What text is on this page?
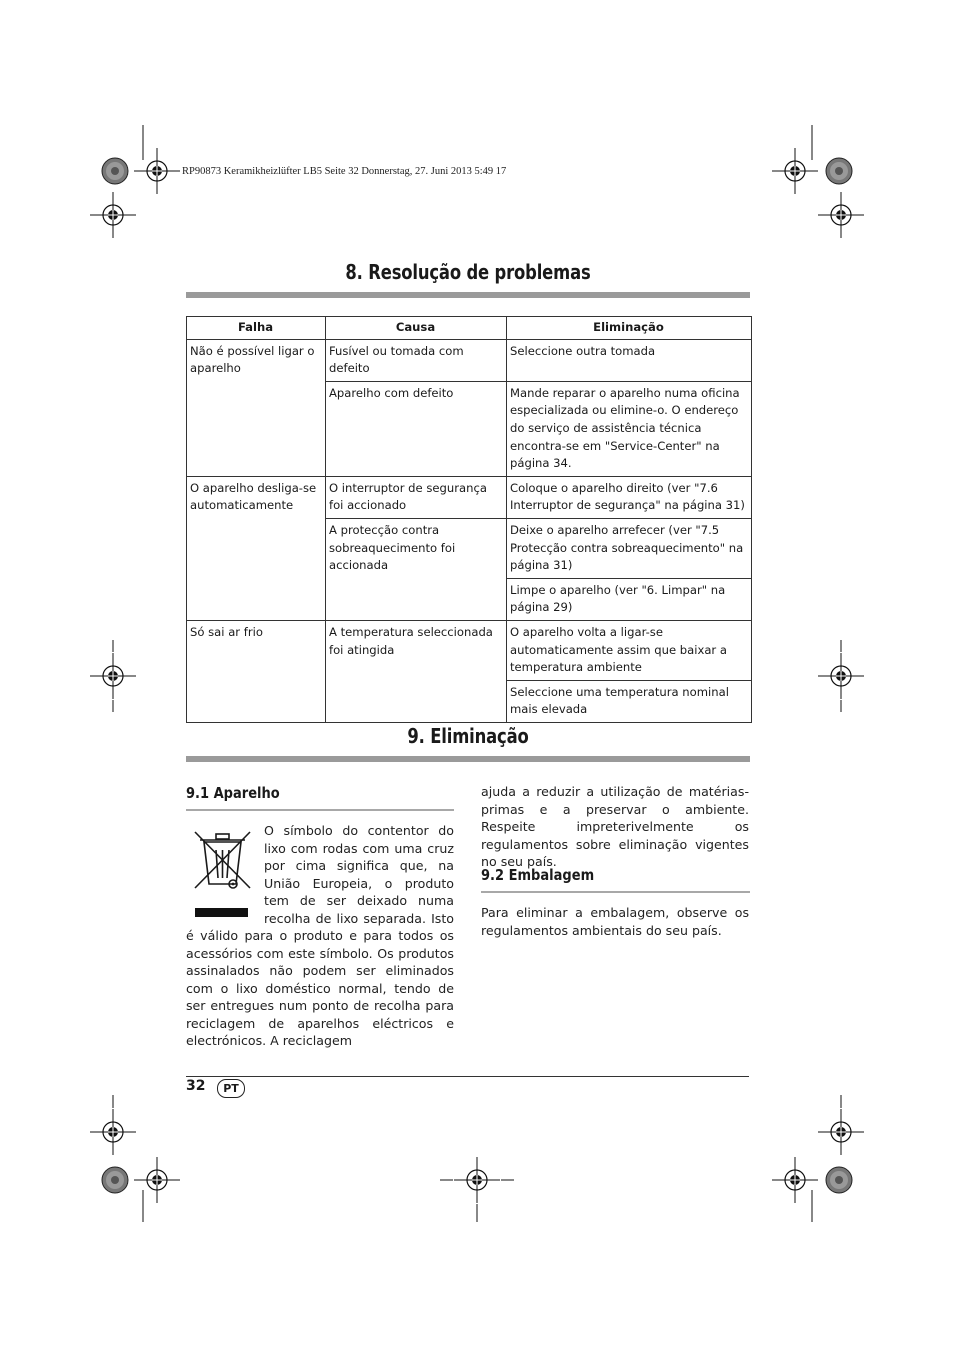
RP90873 Keramikheizlüfter LB5 Seite 32 Donnerstag, 27. Juni 2013 5:49 17
8. Resolução de problemas
Falha	Causa	Eliminação
Não é possível ligar o aparelho	Fusível ou tomada com defeito	Seleccione outra tomada
	Aparelho com defeito	Mande reparar o aparelho numa oficina especializada ou elimine-o. O endereço do serviço de assistência técnica encontra-se em "Service-Center" na página 34.
O aparelho desliga-se automaticamente	O interruptor de segurança foi accionado	Coloque o aparelho direito (ver "7.6 Interruptor de segurança" na página 31)
	A protecção contra sobreaquecimento foi accionada	Deixe o aparelho arrefecer (ver "7.5 Protecção contra sobreaquecimento" na página 31)
		Limpe o aparelho (ver "6. Limpar" na página 29)
Só sai ar frio	A temperatura seleccionada foi atingida	O aparelho volta a ligar-se automaticamente assim que baixar a temperatura ambiente
		Seleccione uma temperatura nominal mais elevada
9. Eliminação
9.1 Aparelho
O símbolo do contentor do lixo com rodas com uma cruz por cima significa que, na União Europeia, o produto tem de ser deixado numa recolha de lixo separada. Isto é válido para o produto e para todos os acessórios com este símbolo. Os produtos assinalados não podem ser eliminados com o lixo doméstico normal, tendo de ser entregues num ponto de recolha para reciclagem de aparelhos eléctricos e electrónicos. A reciclagem
ajuda a reduzir a utilização de matérias-primas e a preservar o ambiente. Respeite impreterivelmente os regulamentos sobre eliminação vigentes no seu país.
9.2 Embalagem
Para eliminar a embalagem, observe os regulamentos ambientais do seu país.
32	PT
